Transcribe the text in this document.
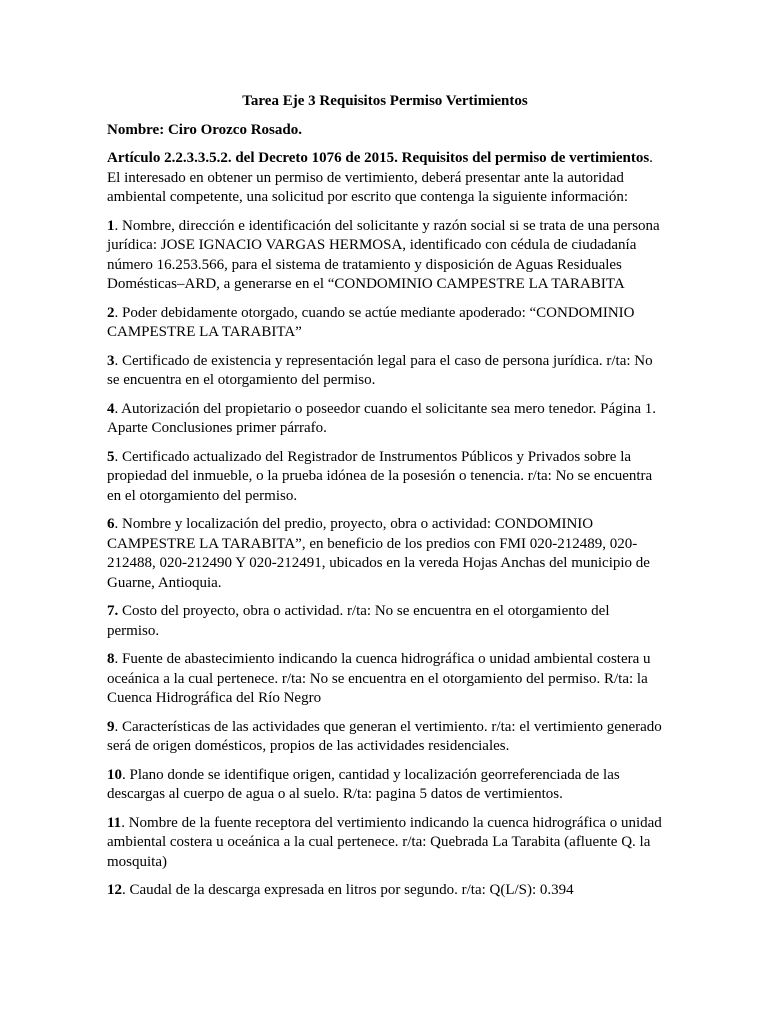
Tarea Eje 3 Requisitos Permiso Vertimientos

Nombre: Ciro Orozco Rosado.

Artículo 2.2.3.3.5.2. del Decreto 1076 de 2015. Requisitos del permiso de vertimientos.
El interesado en obtener un permiso de vertimiento, deberá presentar ante la autoridad ambiental competente, una solicitud por escrito que contenga la siguiente información:

1. Nombre, dirección e identificación del solicitante y razón social si se trata de una persona jurídica: JOSE IGNACIO VARGAS HERMOSA, identificado con cédula de ciudadanía número 16.253.566, para el sistema de tratamiento y disposición de Aguas Residuales Domésticas–ARD, a generarse en el “CONDOMINIO CAMPESTRE LA TARABITA

2. Poder debidamente otorgado, cuando se actúe mediante apoderado: “CONDOMINIO CAMPESTRE LA TARABITA”

3. Certificado de existencia y representación legal para el caso de persona jurídica. r/ta: No se encuentra en el otorgamiento del permiso.

4. Autorización del propietario o poseedor cuando el solicitante sea mero tenedor. Página 1. Aparte Conclusiones primer párrafo.

5. Certificado actualizado del Registrador de Instrumentos Públicos y Privados sobre la propiedad del inmueble, o la prueba idónea de la posesión o tenencia. r/ta: No se encuentra en el otorgamiento del permiso.

6. Nombre y localización del predio, proyecto, obra o actividad: CONDOMINIO CAMPESTRE LA TARABITA”, en beneficio de los predios con FMI 020-212489, 020-212488, 020-212490 Y 020-212491, ubicados en la vereda Hojas Anchas del municipio de Guarne, Antioquia.

7. Costo del proyecto, obra o actividad. r/ta: No se encuentra en el otorgamiento del permiso.

8. Fuente de abastecimiento indicando la cuenca hidrográfica o unidad ambiental costera u oceánica a la cual pertenece. r/ta: No se encuentra en el otorgamiento del permiso. R/ta: la Cuenca Hidrográfica del Río Negro

9. Características de las actividades que generan el vertimiento. r/ta: el vertimiento generado será de origen domésticos, propios de las actividades residenciales.

10. Plano donde se identifique origen, cantidad y localización georreferenciada de las descargas al cuerpo de agua o al suelo. R/ta: pagina 5 datos de vertimientos.

11. Nombre de la fuente receptora del vertimiento indicando la cuenca hidrográfica o unidad ambiental costera u oceánica a la cual pertenece. r/ta: Quebrada La Tarabita (afluente Q. la mosquita)

12. Caudal de la descarga expresada en litros por segundo. r/ta: Q(L/S): 0.394
